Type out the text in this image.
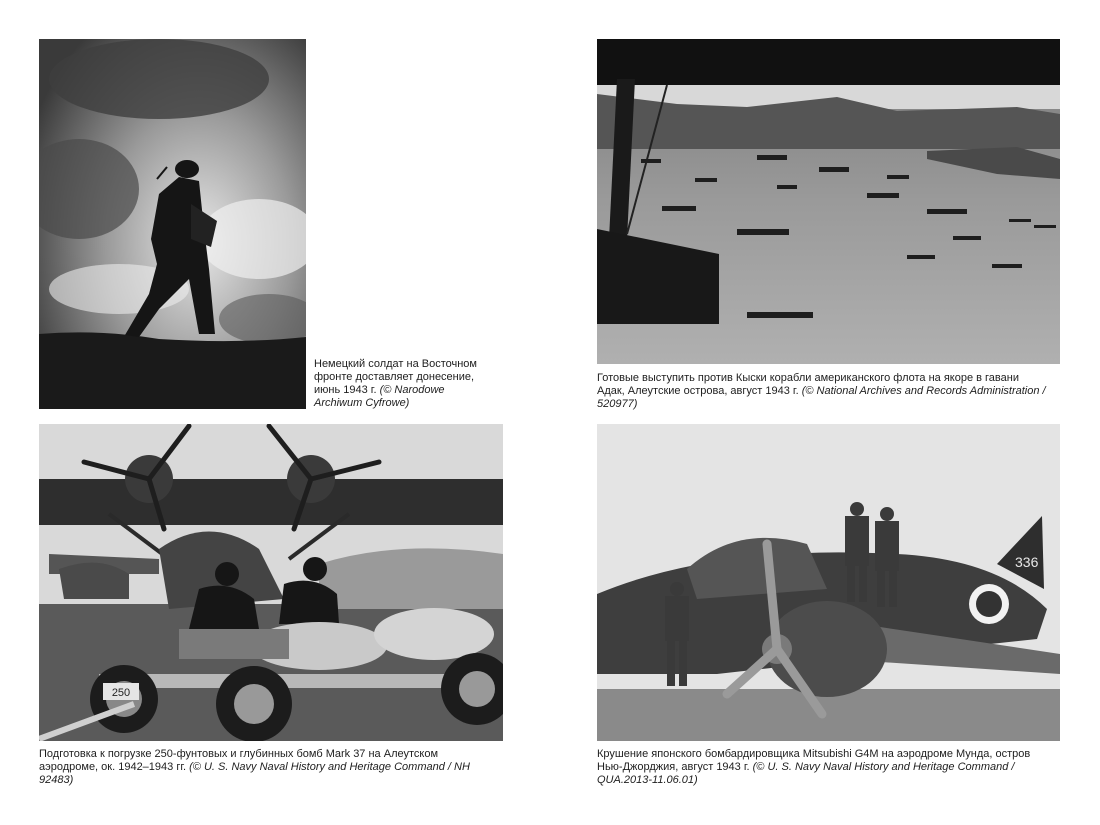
Немецкий солдат на Восточном фронте доставляет донесение, июнь 1943 г. (© Narodowe Archiwum Cyfrowe)
Готовые выступить против Кыски корабли американского флота на якоре в гавани Адак, Алеутские острова, август 1943 г. (© National Archives and Records Administration / 520977)
250
Подготовка к погрузке 250-фунтовых и глубинных бомб Mark 37 на Алеутском аэродроме, ок. 1942–1943 гг. (© U. S. Navy Naval History and Heritage Command / NH 92483)
336
Крушение японского бомбардировщика Mitsubishi G4M на аэродроме Мунда, остров Нью-Джорджия, август 1943 г. (© U. S. Navy Naval History and Heritage Command / QUA.2013-11.06.01)
